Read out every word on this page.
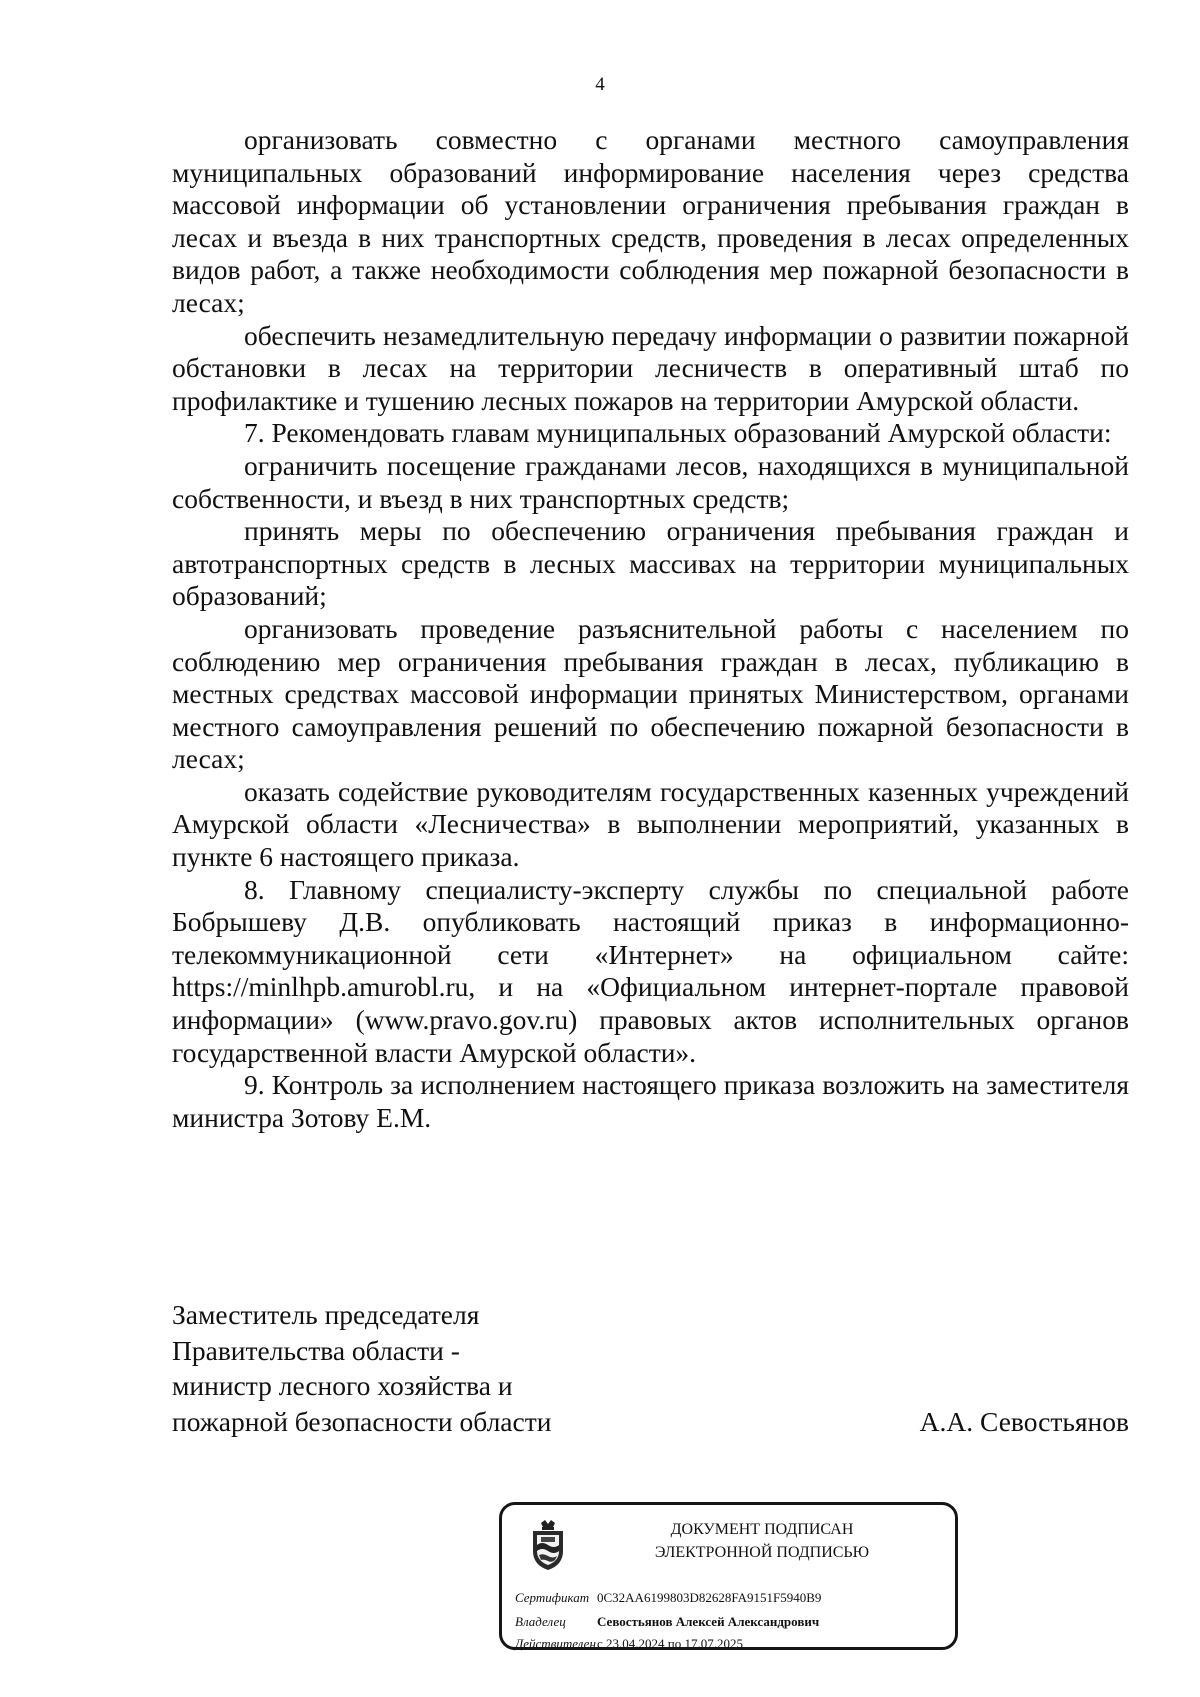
4

организовать совместно с органами местного самоуправления муниципальных образований информирование населения через средства массовой информации об установлении ограничения пребывания граждан в лесах и въезда в них транспортных средств, проведения в лесах определенных видов работ, а также необходимости соблюдения мер пожарной безопасности в лесах;

обеспечить незамедлительную передачу информации о развитии пожарной обстановки в лесах на территории лесничеств в оперативный штаб по профилактике и тушению лесных пожаров на территории Амурской области.

7. Рекомендовать главам муниципальных образований Амурской области:

ограничить посещение гражданами лесов, находящихся в муниципальной собственности, и въезд в них транспортных средств;

принять меры по обеспечению ограничения пребывания граждан и автотранспортных средств в лесных массивах на территории муниципальных образований;

организовать проведение разъяснительной работы с населением по соблюдению мер ограничения пребывания граждан в лесах, публикацию в местных средствах массовой информации принятых Министерством, органами местного самоуправления решений по обеспечению пожарной безопасности в лесах;

оказать содействие руководителям государственных казенных учреждений Амурской области «Лесничества» в выполнении мероприятий, указанных в пункте 6 настоящего приказа.

8. Главному специалисту-эксперту службы по специальной работе Бобрышеву Д.В. опубликовать настоящий приказ в информационно-телекоммуникационной сети «Интернет» на официальном сайте: https://minlhpb.amurobl.ru, и на «Официальном интернет-портале правовой информации» (www.pravo.gov.ru) правовых актов исполнительных органов государственной власти Амурской области».

9. Контроль за исполнением настоящего приказа возложить на заместителя министра Зотову Е.М.

Заместитель председателя
Правительства области -
министр лесного хозяйства и
пожарной безопасности области	А.А. Севостьянов
ДОКУМЕНТ ПОДПИСАН
ЭЛЕКТРОННОЙ ПОДПИСЬЮ
Сертификат 0C32AA6199803D82628FA9151F5940B9
Владелец Севостьянов Алексей Александрович
Действителенс 23.04.2024 по 17.07.2025
